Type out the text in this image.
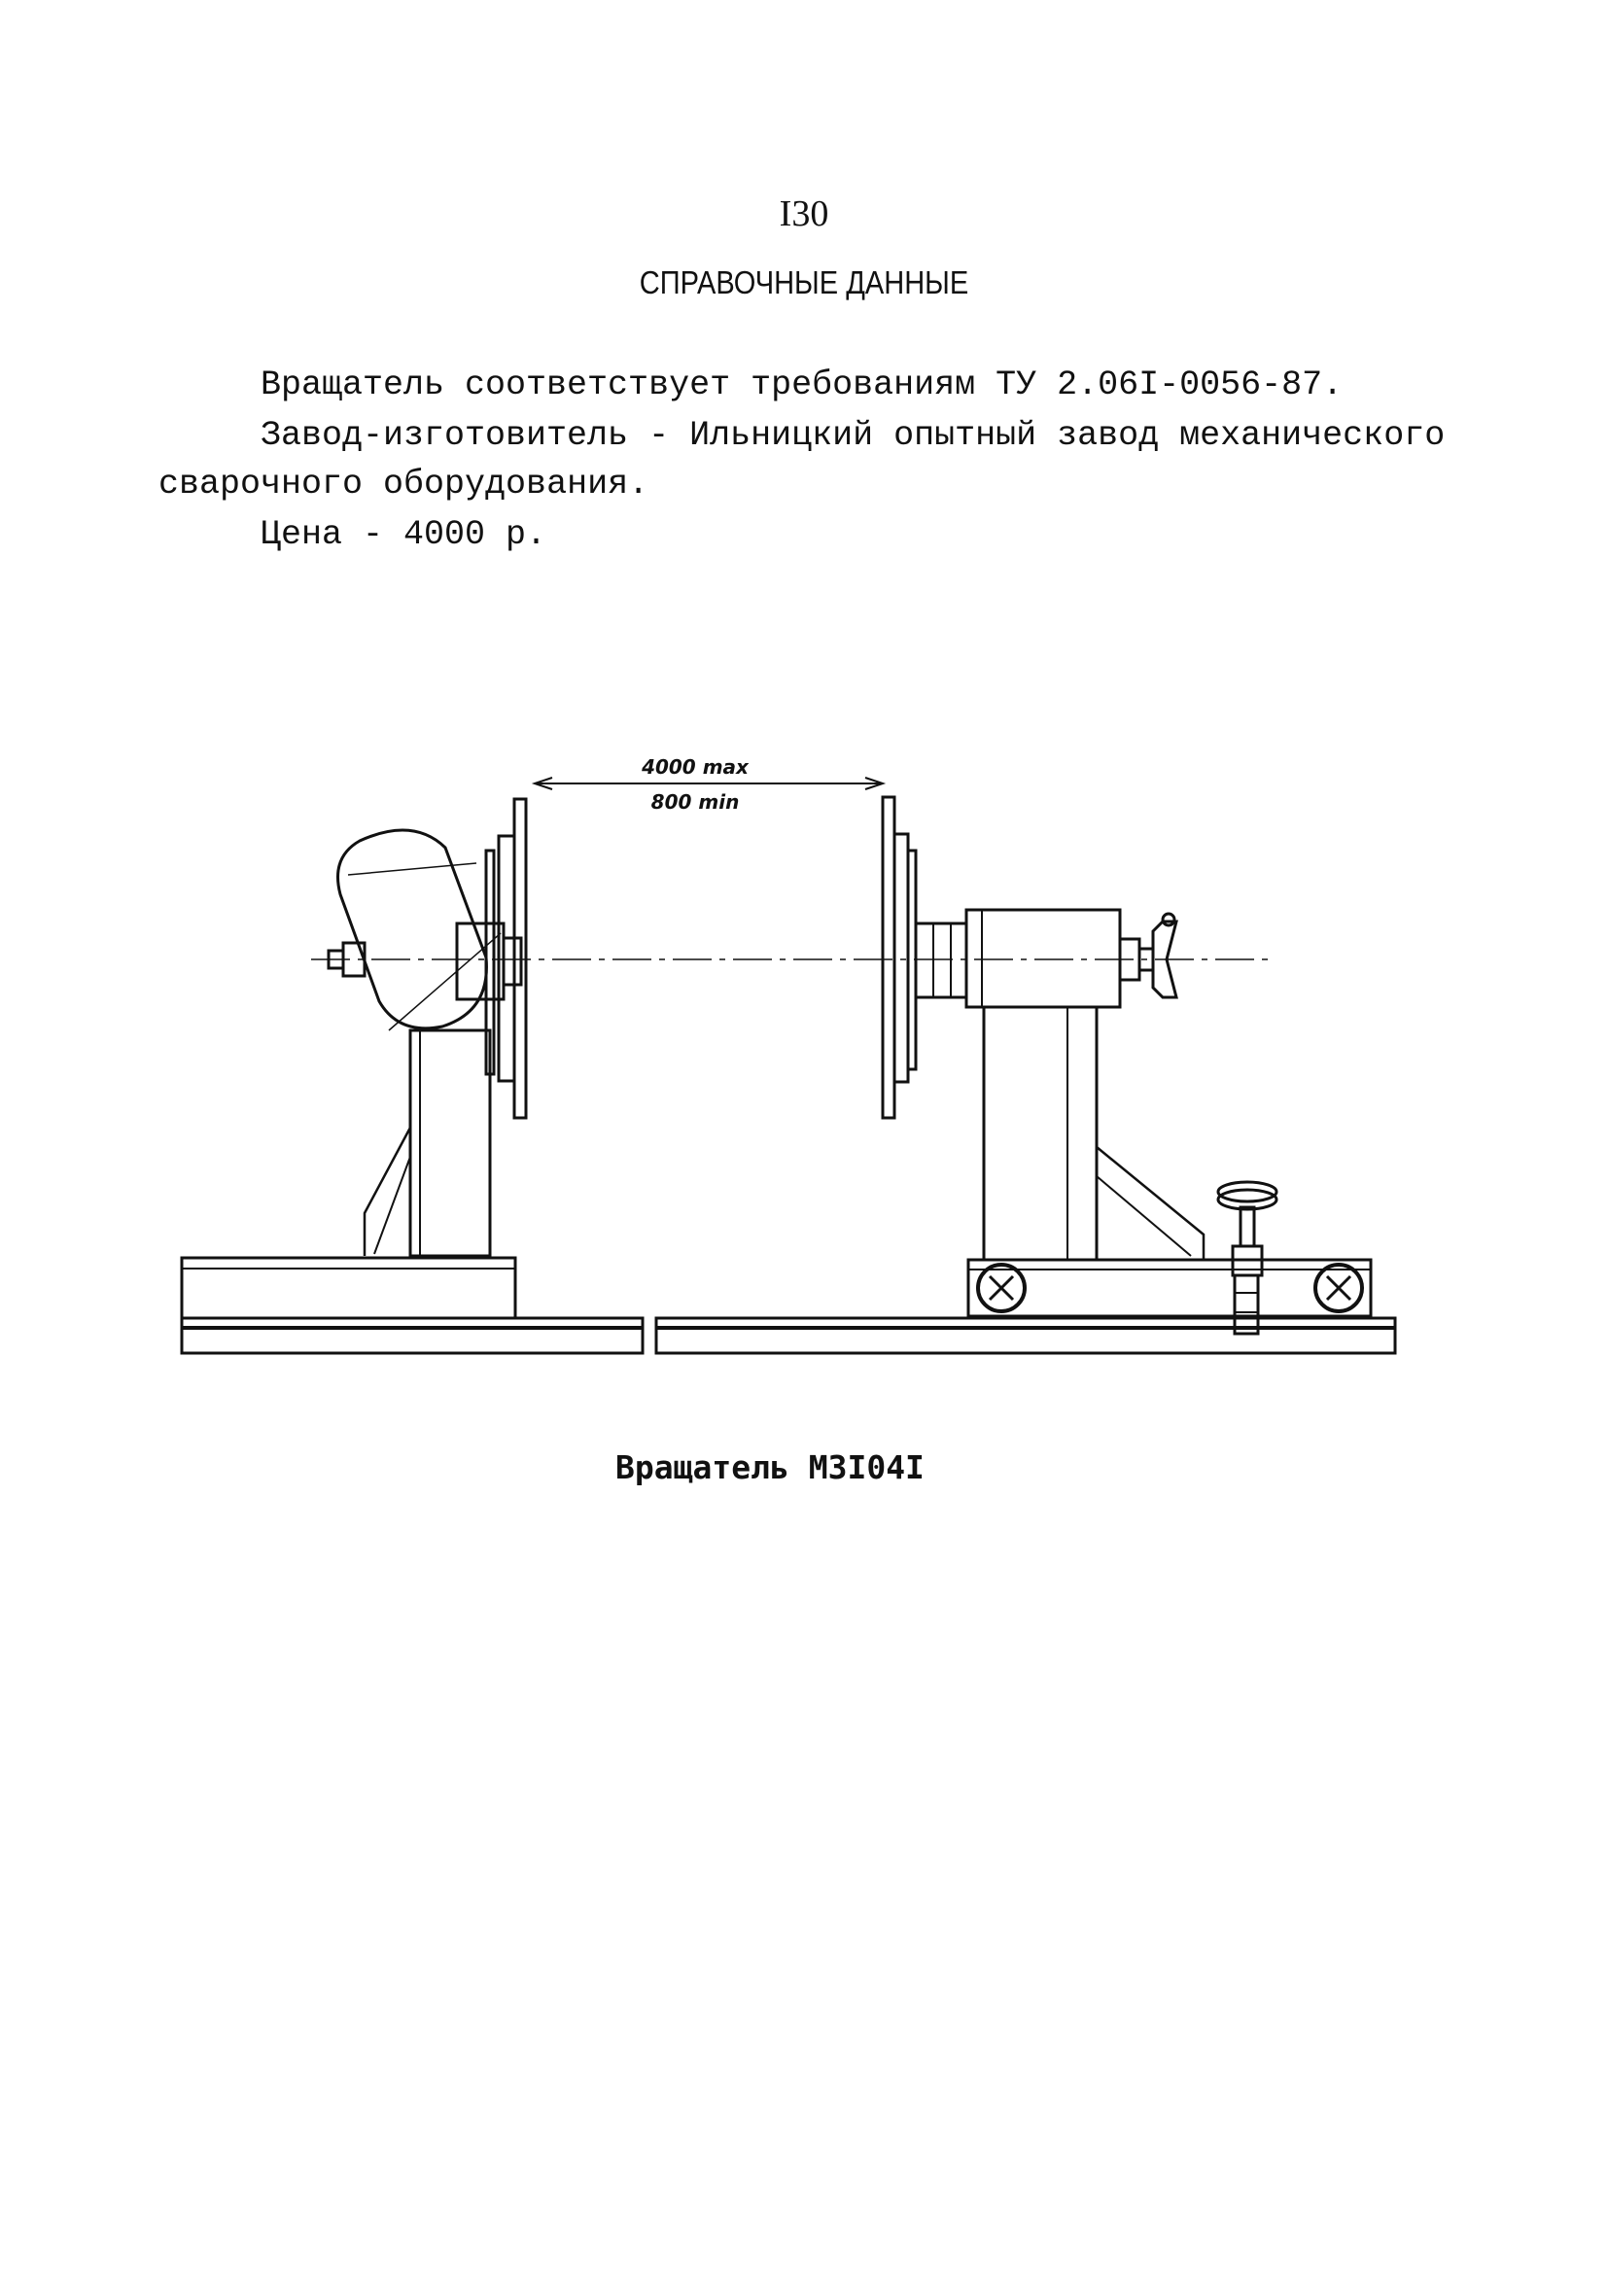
I30
СПРАВОЧНЫЕ ДАННЫЕ
Вращатель соответствует требованиям ТУ 2.06I-0056-87.
Завод-изготовитель - Ильницкий опытный завод механического
сварочного оборудования.
Цена - 4000 р.
4000 max
800 min
Вращатель М3I04I
